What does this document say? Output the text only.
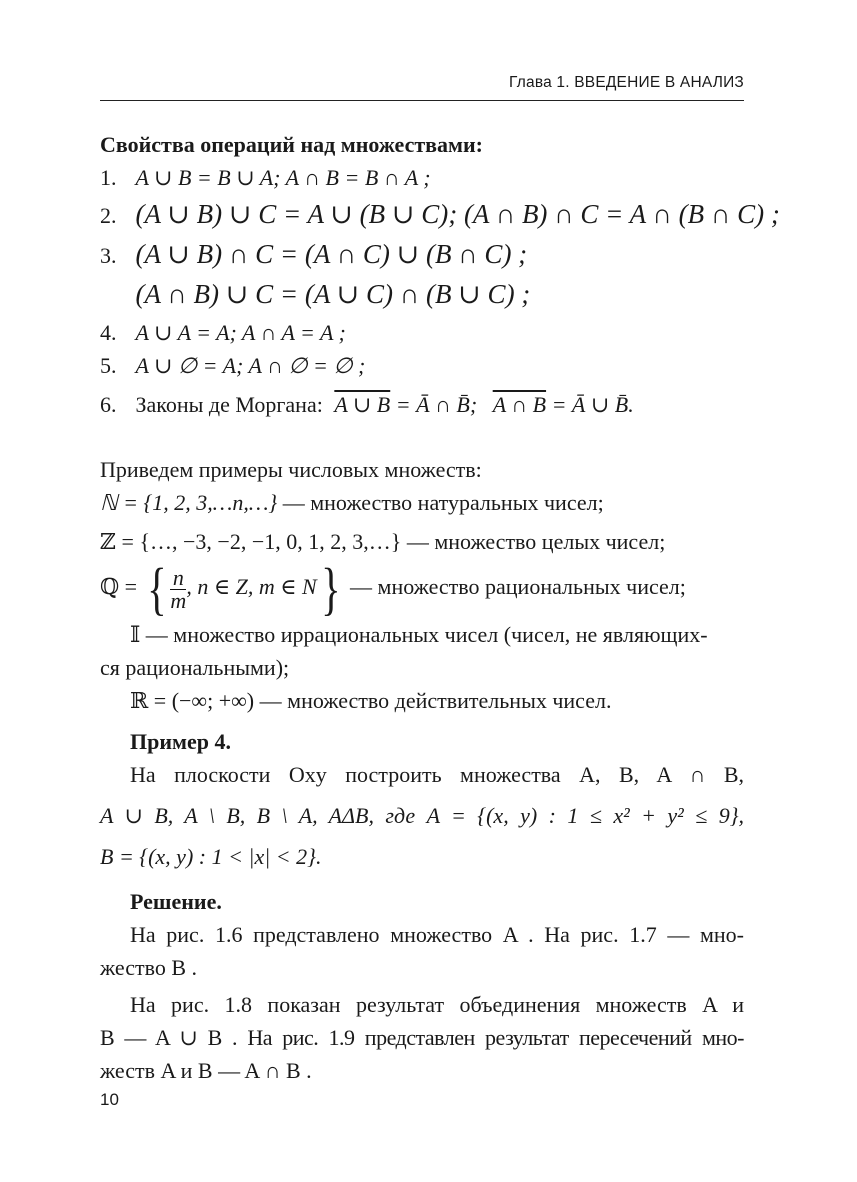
Глава 1. ВВЕДЕНИЕ В АНАЛИЗ
Свойства операций над множествами:
1. A ∪ B = B ∪ A; A ∩ B = B ∩ A ;
2. (A ∪ B) ∪ C = A ∪ (B ∪ C); (A ∩ B) ∩ C = A ∩ (B ∩ C) ;
3. (A ∪ B) ∩ C = (A ∩ C) ∪ (B ∩ C) ;
(A ∩ B) ∪ C = (A ∪ C) ∩ (B ∪ C) ;
4. A ∪ A = A; A ∩ A = A ;
5. A ∪ ∅ = A; A ∩ ∅ = ∅ ;
6. Законы де Моргана: A ∪ B = Ā ∩ B̄; A ∩ B = Ā ∪ B̄.
Приведем примеры числовых множеств:
ℕ = {1, 2, 3,…n,…} — множество натуральных чисел;
ℤ = {…, −3, −2, −1, 0, 1, 2, 3,…} — множество целых чисел;
ℚ = { $\frac{n}{m}$ , n ∈ Z, m ∈ N} — множество рациональных чисел;
𝕀 — множество иррациональных чисел (чисел, не являющих-
ся рациональными);
ℝ = (−∞; +∞) — множество действительных чисел.
Пример 4.
На плоскости Oxy построить множества A, B, A ∩ B,
A ∪ B, A \ B, B \ A, AΔB, где A = {(x, y) : 1 ≤ x² + y² ≤ 9},
B = {(x, y) : 1 < |x| < 2}.
Решение.
На рис. 1.6 представлено множество A . На рис. 1.7 — мно-
жество B .
На рис. 1.8 показан результат объединения множеств A и
B — A ∪ B . На рис. 1.9 представлен результат пересечений мно-
жеств A и B — A ∩ B .
10
